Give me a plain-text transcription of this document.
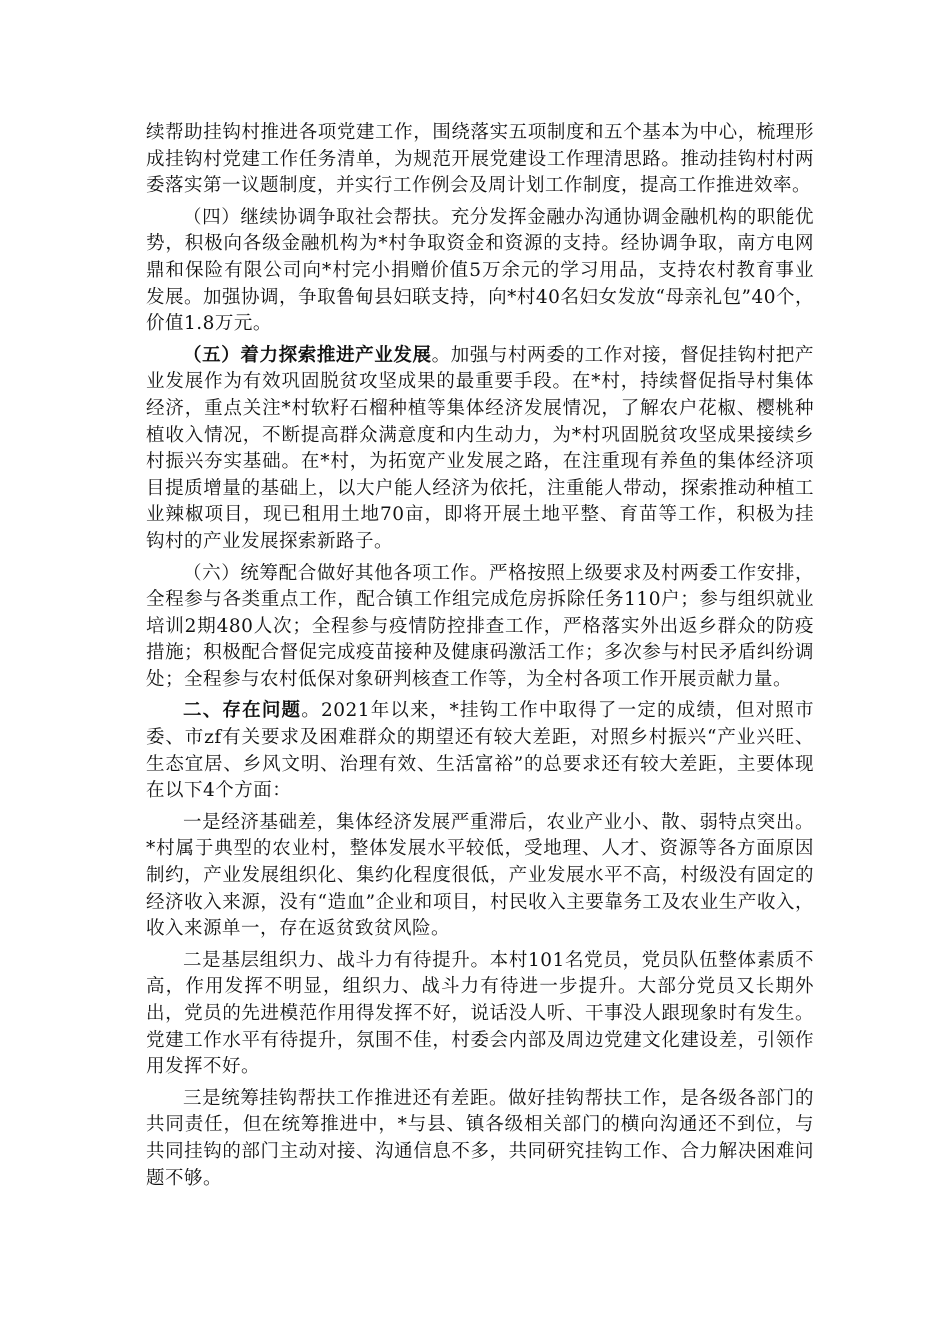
续帮助挂钩村推进各项党建工作，围绕落实五项制度和五个基本为中心，梳理形成挂钩村党建工作任务清单，为规范开展党建设工作理清思路。推动挂钩村村两委落实第一议题制度，并实行工作例会及周计划工作制度，提高工作推进效率。

（四）继续协调争取社会帮扶。充分发挥金融办沟通协调金融机构的职能优势，积极向各级金融机构为*村争取资金和资源的支持。经协调争取，南方电网鼎和保险有限公司向*村完小捐赠价值5万余元的学习用品，支持农村教育事业发展。加强协调，争取鲁甸县妇联支持，向*村40名妇女发放“母亲礼包”40个，价值1.8万元。

（五）着力探索推进产业发展。加强与村两委的工作对接，督促挂钩村把产业发展作为有效巩固脱贫攻坚成果的最重要手段。在*村，持续督促指导村集体经济，重点关注*村软籽石榴种植等集体经济发展情况，了解农户花椒、樱桃种植收入情况，不断提高群众满意度和内生动力，为*村巩固脱贫攻坚成果接续乡村振兴夯实基础。在*村，为拓宽产业发展之路，在注重现有养鱼的集体经济项目提质增量的基础上，以大户能人经济为依托，注重能人带动，探索推动种植工业辣椒项目，现已租用土地70亩，即将开展土地平整、育苗等工作，积极为挂钩村的产业发展探索新路子。

（六）统筹配合做好其他各项工作。严格按照上级要求及村两委工作安排，全程参与各类重点工作，配合镇工作组完成危房拆除任务110户；参与组织就业培训2期480人次；全程参与疫情防控排查工作，严格落实外出返乡群众的防疫措施；积极配合督促完成疫苗接种及健康码激活工作；多次参与村民矛盾纠纷调处；全程参与农村低保对象研判核查工作等，为全村各项工作开展贡献力量。

二、存在问题。2021年以来，*挂钩工作中取得了一定的成绩，但对照市委、市zf有关要求及困难群众的期望还有较大差距，对照乡村振兴“产业兴旺、生态宜居、乡风文明、治理有效、生活富裕”的总要求还有较大差距，主要体现在以下4个方面：

一是经济基础差，集体经济发展严重滞后，农业产业小、散、弱特点突出。*村属于典型的农业村，整体发展水平较低，受地理、人才、资源等各方面原因制约，产业发展组织化、集约化程度很低，产业发展水平不高，村级没有固定的经济收入来源，没有“造血”企业和项目，村民收入主要靠务工及农业生产收入，收入来源单一，存在返贫致贫风险。

二是基层组织力、战斗力有待提升。本村101名党员，党员队伍整体素质不高，作用发挥不明显，组织力、战斗力有待进一步提升。大部分党员又长期外出，党员的先进模范作用得发挥不好，说话没人听、干事没人跟现象时有发生。党建工作水平有待提升，氛围不佳，村委会内部及周边党建文化建设差，引领作用发挥不好。

三是统筹挂钩帮扶工作推进还有差距。做好挂钩帮扶工作，是各级各部门的共同责任，但在统筹推进中，*与县、镇各级相关部门的横向沟通还不到位，与共同挂钩的部门主动对接、沟通信息不多，共同研究挂钩工作、合力解决困难问题不够。
